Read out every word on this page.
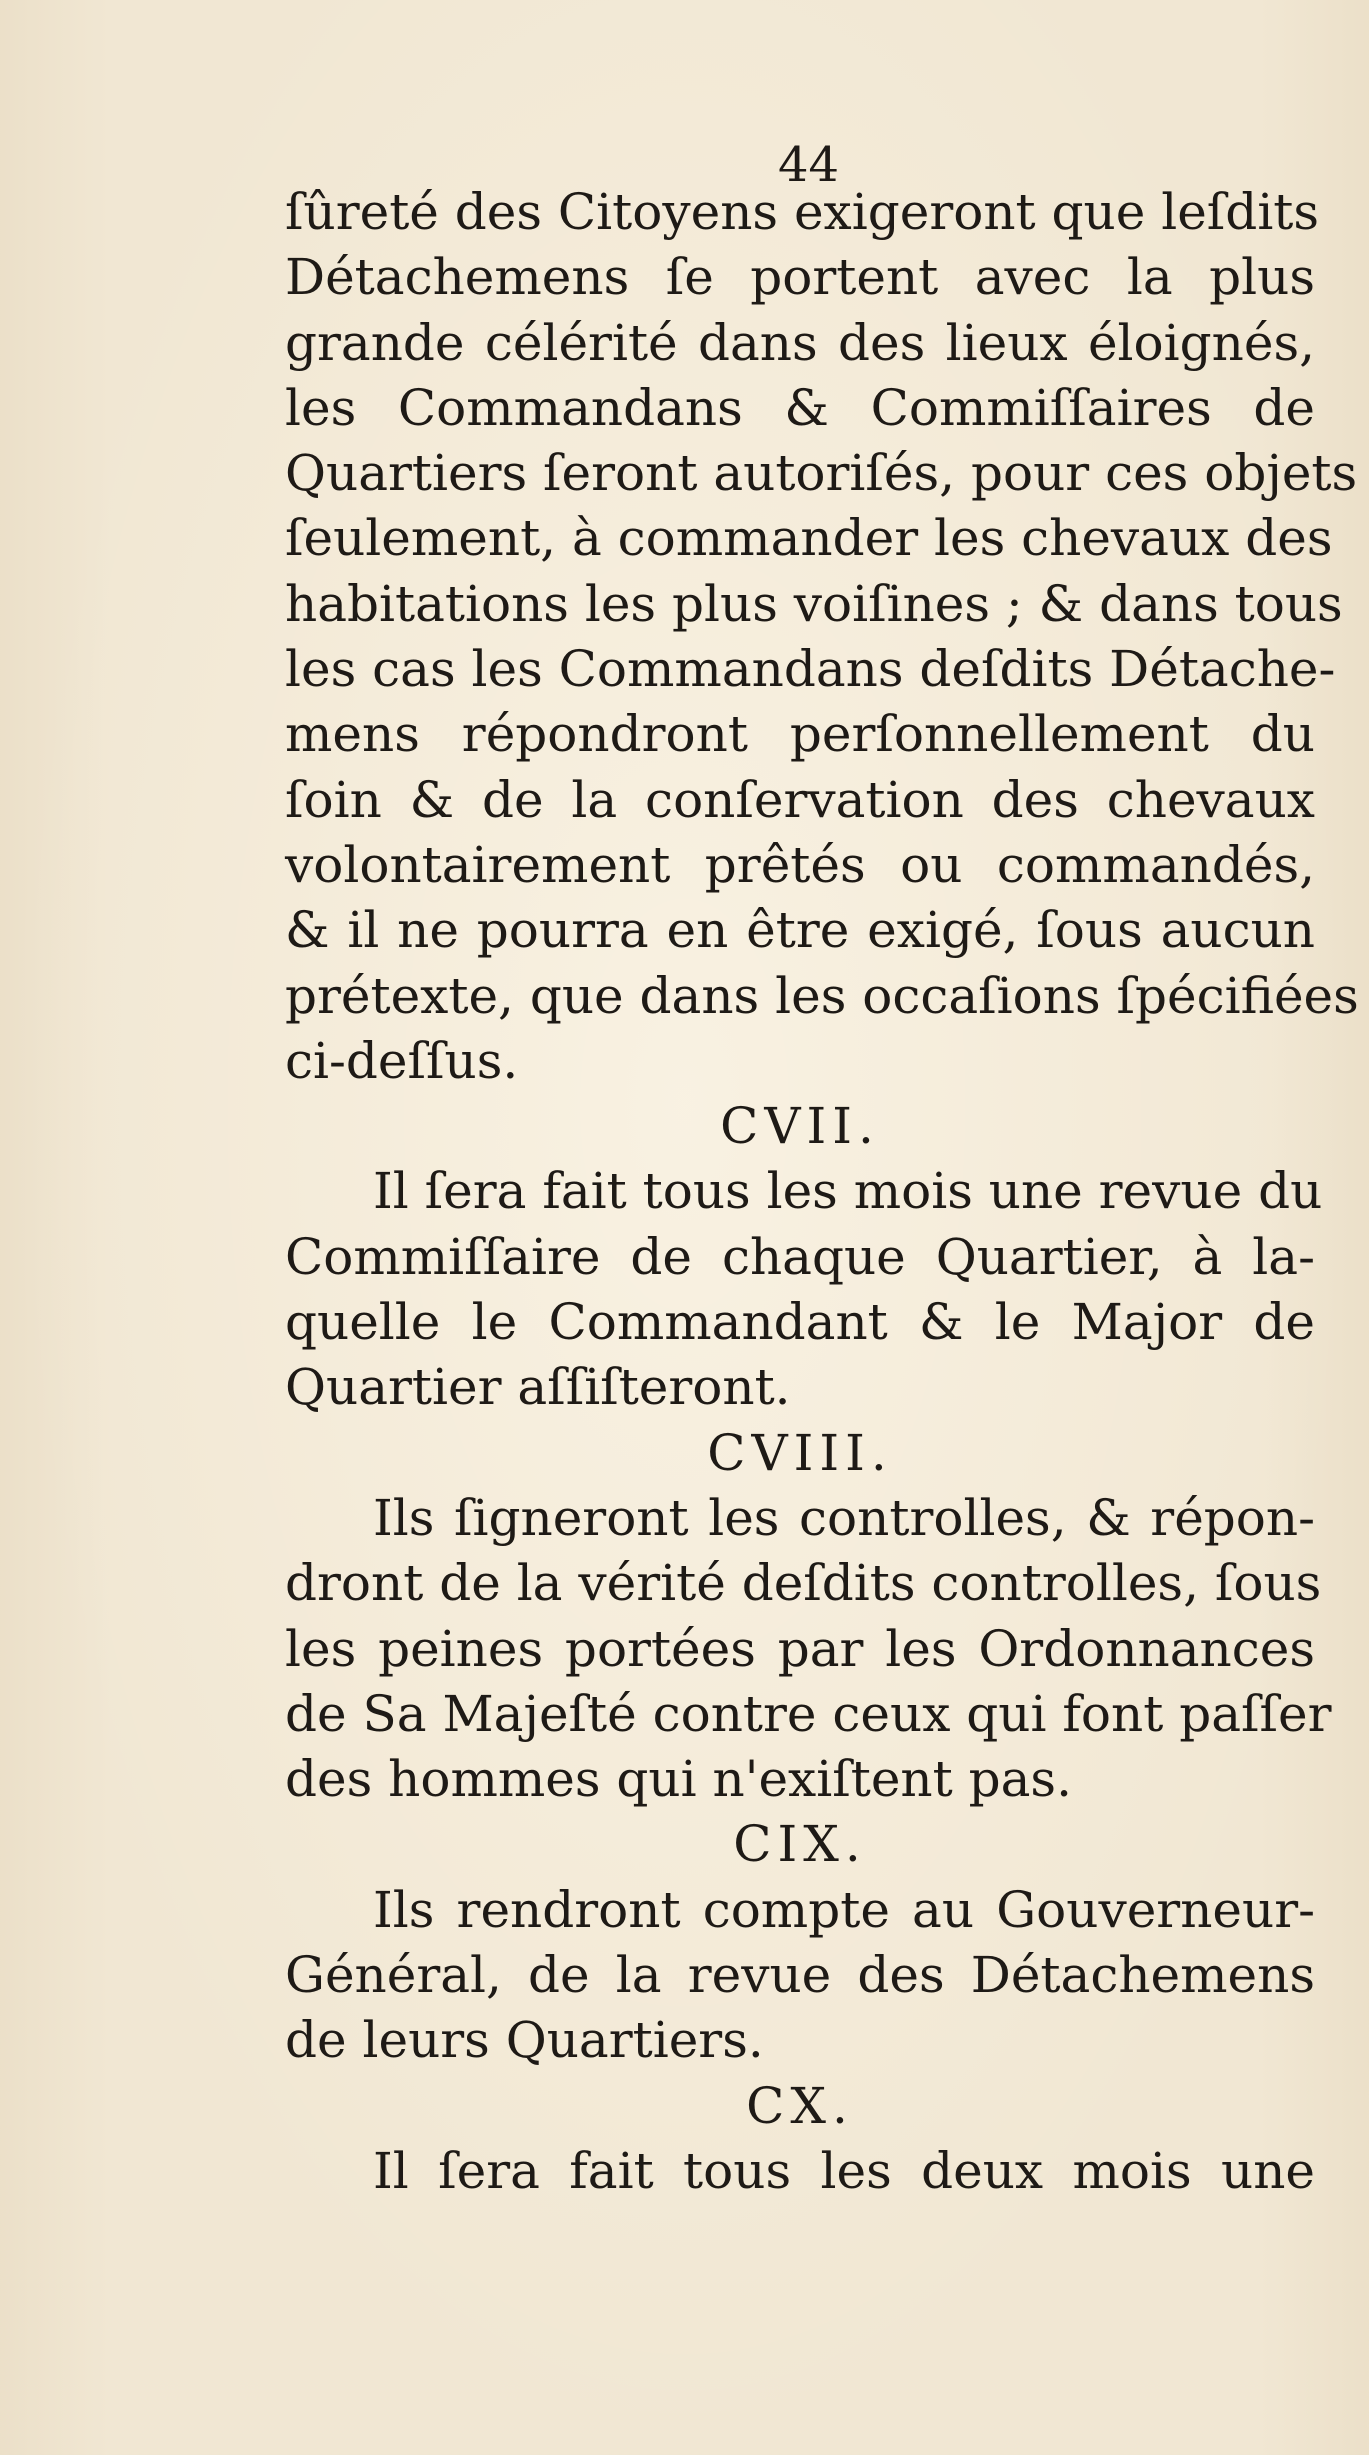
44
ſûreté des Citoyens exigeront que leſdits
Détachemens ſe portent avec la plus
grande célérité dans des lieux éloignés,
les Commandans & Commiſſaires de
Quartiers ſeront autoriſés, pour ces objets
ſeulement, à commander les chevaux des
habitations les plus voiſines ; & dans tous
les cas les Commandans deſdits Détache-
mens répondront perſonnellement du
ſoin & de la conſervation des chevaux
volontairement prêtés ou commandés,
& il ne pourra en être exigé, ſous aucun
prétexte, que dans les occaſions ſpécifiées
ci-deſſus.
CVII.
Il ſera fait tous les mois une revue du
Commiſſaire de chaque Quartier, à la-
quelle le Commandant & le Major de
Quartier aſſiſteront.
CVIII.
Ils ſigneront les controlles, & répon-
dront de la vérité deſdits controlles, ſous
les peines portées par les Ordonnances
de Sa Majeſté contre ceux qui font paſſer
des hommes qui n'exiſtent pas.
CIX.
Ils rendront compte au Gouverneur-
Général, de la revue des Détachemens
de leurs Quartiers.
CX.
Il ſera fait tous les deux mois une
